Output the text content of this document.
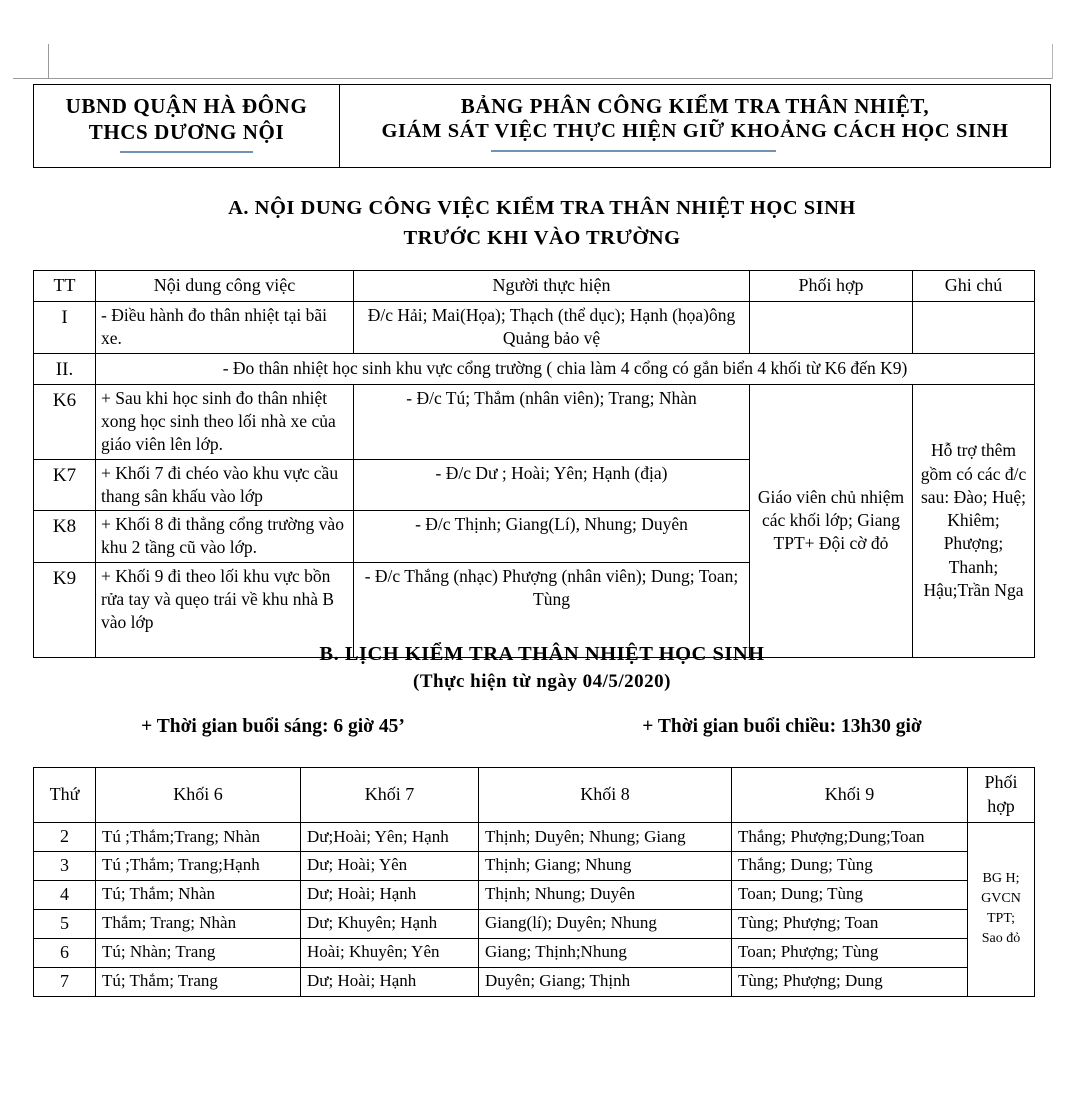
UBND QUẬN HÀ ĐÔNG
THCS DƯƠNG NỘI
BẢNG PHÂN CÔNG KIỂM TRA THÂN NHIỆT,
GIÁM SÁT VIỆC THỰC HIỆN GIỮ KHOẢNG CÁCH HỌC SINH
A. NỘI DUNG CÔNG VIỆC KIỂM TRA THÂN NHIỆT HỌC SINH
TRƯỚC KHI VÀO TRƯỜNG
TT	Nội dung công việc	Người thực hiện	Phối hợp	Ghi chú
I	- Điều hành đo thân nhiệt tại bãi xe.	Đ/c Hải; Mai(Họa); Thạch (thể dục); Hạnh (họa)ông Quảng bảo vệ		
II.	- Đo thân nhiệt học sinh khu vực cổng trường ( chia làm 4 cổng có gắn biển 4 khối từ K6 đến K9)			
K6	+ Sau khi học sinh đo thân nhiệt xong học sinh theo lối nhà xe của giáo viên lên lớp.	- Đ/c Tú; Thắm (nhân viên); Trang; Nhàn	Giáo viên chủ nhiệm các khối lớp; Giang TPT+ Đội cờ đỏ	Hỗ trợ thêm gồm có các đ/c sau: Đào; Huệ; Khiêm; Phượng; Thanh; Hậu;Trần Nga
K7	+ Khối 7 đi chéo vào khu vực cầu thang sân khấu vào lớp	- Đ/c Dư ; Hoài; Yên; Hạnh (địa)		
K8	+ Khối 8 đi thẳng cổng trường vào khu 2 tầng cũ vào lớp.	- Đ/c Thịnh; Giang(Lí), Nhung; Duyên		
K9	+ Khối 9 đi theo lối khu vực bồn rửa tay và quẹo trái về khu nhà B vào lớp	- Đ/c Thắng (nhạc) Phượng (nhân viên); Dung; Toan; Tùng		
B. LỊCH KIỂM TRA THÂN NHIỆT HỌC SINH
(Thực hiện từ ngày 04/5/2020)
+ Thời gian buổi sáng: 6 giờ 45’	+ Thời gian buổi chiều: 13h30 giờ
Thứ	Khối 6	Khối 7	Khối 8	Khối 9	Phối hợp
2	Tú ;Thắm;Trang; Nhàn	Dư;Hoài; Yên; Hạnh	Thịnh; Duyên; Nhung; Giang	Thắng; Phượng;Dung;Toan	BG H;
GVCN
TPT;
Sao đỏ
3	Tú ;Thắm; Trang;Hạnh	Dư; Hoài; Yên	Thịnh; Giang; Nhung	Thắng; Dung; Tùng	
4	Tú; Thắm; Nhàn	Dư; Hoài; Hạnh	Thịnh; Nhung; Duyên	Toan; Dung; Tùng	
5	Thắm; Trang; Nhàn	Dư; Khuyên; Hạnh	Giang(lí); Duyên; Nhung	Tùng; Phượng; Toan	
6	Tú; Nhàn; Trang	Hoài; Khuyên; Yên	Giang; Thịnh;Nhung	Toan; Phượng; Tùng	
7	Tú; Thắm; Trang	Dư; Hoài; Hạnh	Duyên; Giang; Thịnh	Tùng; Phượng; Dung	
